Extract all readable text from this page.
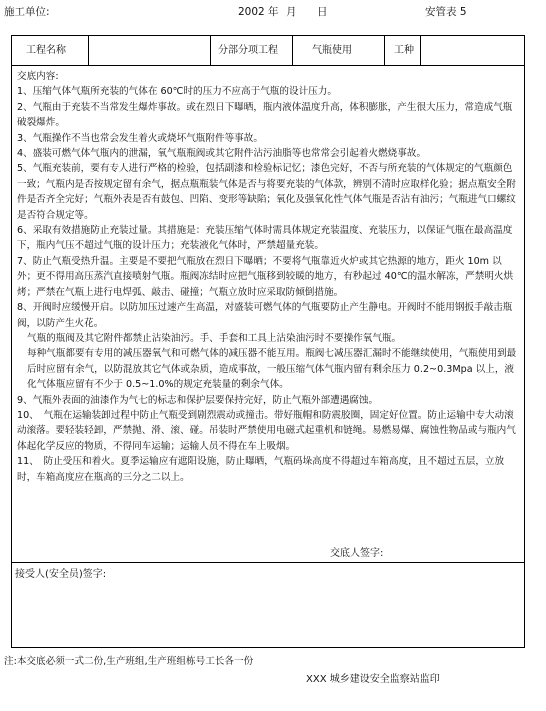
施工单位:	2002 年 月 日	安管表 5
工程名称	分部分项工程	气瓶使用	工种

交底内容:

1、压缩气体气瓶所充装的气体在 60℃时的压力不应高于气瓶的设计压力。

2、气瓶由于充装不当常发生爆炸事故。或在烈日下曝晒，瓶内液体温度升高，体积膨胀，产生很大压力，常造成气瓶破裂爆炸。

3、气瓶操作不当也常会发生着火或烧坏气瓶附件等事故。

4、盛装可燃气体气瓶内的泄漏，氧气瓶瓶阀或其它附件沾污油脂等也常常会引起着火燃烧事故。

5、气瓶充装前，要有专人进行严格的检验，包括副漆和检验标记忆；漆色完好，不否与所充装的气体规定的气瓶颜色一致；气瓶内是否按规定留有余气，据点瓶瓶装气体是否与将要充装的气体款，辨别不清时应取样化验；据点瓶安全附件是否齐全完好；气瓶外表是否有鼓包、凹陷、变形等缺陷；氧化及强氧化性气体气瓶是否沾有油污；气瓶进气口螺纹是否符合规定等。

6、采取有效措施防止充装过量。其措施是：充装压缩气体时需具体规定充装温度、充装压力，以保证气瓶在最高温度下，瓶内气压不超过气瓶的设计压力；充装液化气体时，严禁超量充装。

7、防止气瓶受热升温。主要是不要把气瓶放在烈日下曝晒；不要将气瓶靠近火炉或其它热源的地方，距火 10m 以外；更不得用高压蒸汽直接喷射气瓶。瓶阀冻结时应把气瓶移到较暖的地方，有秒起过 40℃的温水解冻，严禁明火烘烤；严禁在气瓶上进行电焊弧、敲击、碰撞；气瓶立放时应采取防倾倒措施。

8、开阀时应缓慢开启。以防加压过速产生高温，对盛装可燃气体的气瓶要防止产生静电。开阀时不能用钢扳手敲击瓶阀，以防产生火花。

气瓶的瓶阀及其它附件都禁止沾染油污。手、手套和工具上沾染油污时不要操作氧气瓶。

每种气瓶都要有专用的减压器氧气和可燃气体的减压器不能互用。瓶阀七减压器汇漏时不能继续使用，气瓶使用到最后时应留有余气，以防混放其它气体或杂质，造成事故，一般压缩气体气瓶内留有剩余压力 0.2~0.3Mpa 以上，液化气体瓶应留有不少于 0.5~1.0%的规定充装量的剩余气体。

9、气瓶外表面的油漆作为气七的标志和保护层要保持完好，防止气瓶外部遭遇腐蚀。

10、　气瓶在运输装卸过程中防止气瓶受到剧烈震动或撞击。带好瓶帽和防震胶圈，固定好位置。防止运输中专大动滚动滚落。要轻装轻卸，严禁抛、滑、滚、碰。吊装时严禁使用电磁式起重机和链绳。易燃易爆、腐蚀性物品或与瓶内气体起化学反应的物质，不得同车运输；运输人员不得在车上吸烟。

11、　防止受压和着火。夏季运输应有遮阳设施，防止曝晒，气瓶码垛高度不得超过车箱高度，且不超过五层，立放时，车箱高度应在瓶高的三分之二以上。

交底人签字:
接受人(安全员)签字:
注:本交底必须一式二份,生产班组,生产班组栋号工长各一份
XXX 城乡建设安全监察站监印
